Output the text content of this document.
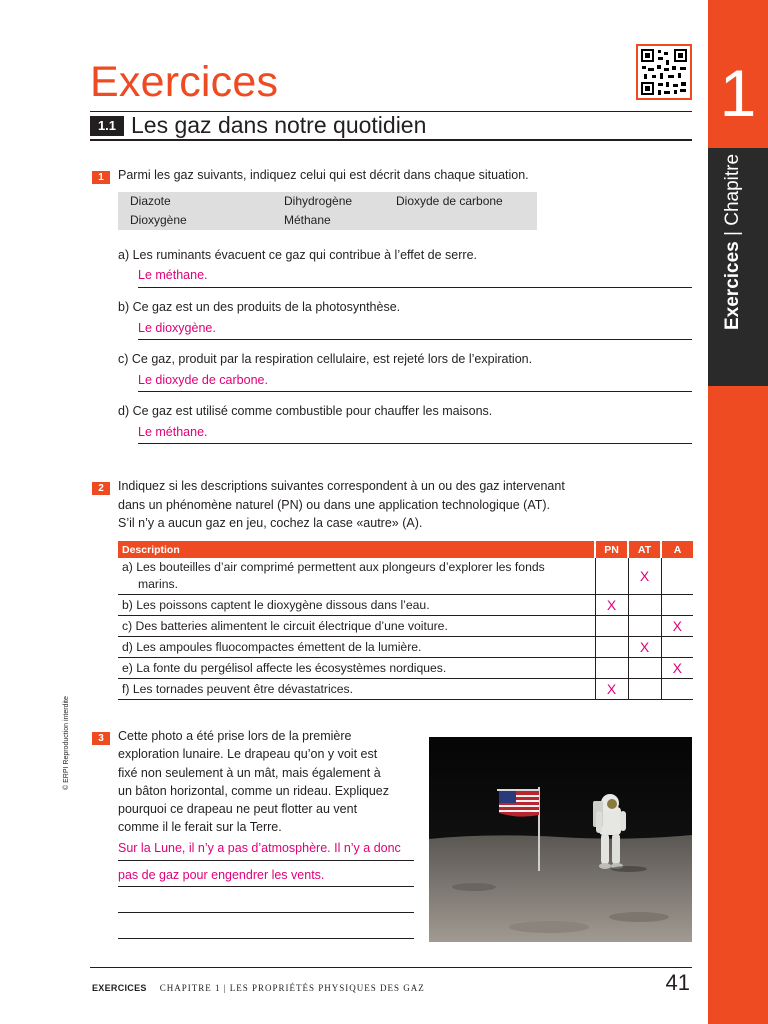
1
Exercices | Chapitre
Exercices
1.1 Les gaz dans notre quotidien
1	Parmi les gaz suivants, indiquez celui qui est décrit dans chaque situation.
Diazote	Dihydrogène	Dioxyde de carbone
Dioxygène	Méthane
a) Les ruminants évacuent ce gaz qui contribue à l’effet de serre.
Le méthane.
b) Ce gaz est un des produits de la photosynthèse.
Le dioxygène.
c) Ce gaz, produit par la respiration cellulaire, est rejeté lors de l’expiration.
Le dioxyde de carbone.
d) Ce gaz est utilisé comme combustible pour chauffer les maisons.
Le méthane.
2	Indiquez si les descriptions suivantes correspondent à un ou des gaz intervenant
dans un phénomène naturel (PN) ou dans une application technologique (AT).
S’il n’y a aucun gaz en jeu, cochez la case «autre» (A).
Description	PN	AT	A

a) Les bouteilles d’air comprimé permettent aux plongeurs d’explorer les fonds
marins.		X	
b) Les poissons captent le dioxygène dissous dans l’eau.	X		
c) Des batteries alimentent le circuit électrique d’une voiture.			X
d) Les ampoules fluocompactes émettent de la lumière.		X	
e) La fonte du pergélisol affecte les écosystèmes nordiques.			X
f) Les tornades peuvent être dévastatrices.	X		
3	Cette photo a été prise lors de la première
exploration lunaire. Le drapeau qu’on y voit est
fixé non seulement à un mât, mais également à
un bâton horizontal, comme un rideau. Expliquez
pourquoi ce drapeau ne peut flotter au vent
comme il le ferait sur la Terre.
Sur la Lune, il n’y a pas d’atmosphère. Il n’y a donc
pas de gaz pour engendrer les vents.
© ERPI Reproduction interdite
EXERCICES CHAPITRE 1 | LES PROPRIÉTÉS PHYSIQUES DES GAZ	41
